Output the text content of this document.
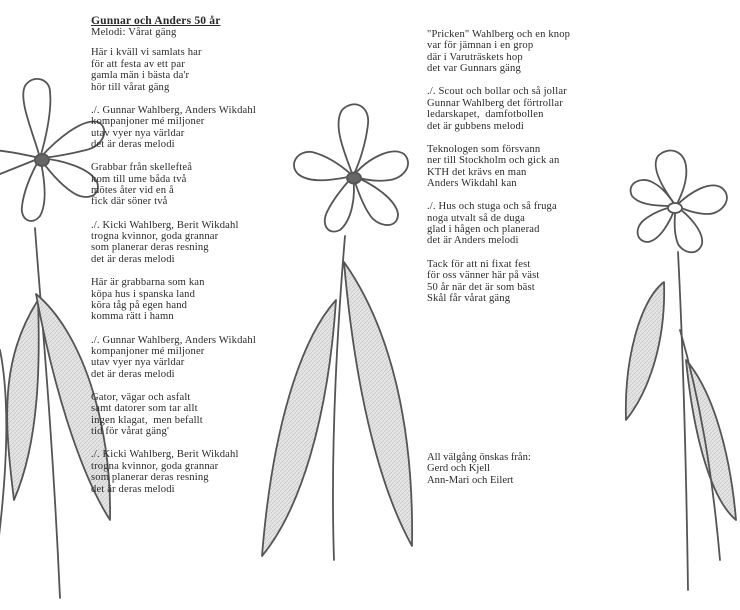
Gunnar och Anders 50 år
Melodi: Vårat gäng
Här i kväll vi samlats har
för att festa av ett par
gamla män i bästa da'r
hör till vårat gäng
./. Gunnar Wahlberg, Anders Wikdahl
kompanjoner mé miljoner
utav vyer nya världar
det är deras melodi
Grabbar från skellefteå
kom till ume båda två
mötes åter vid en å
fick där söner två
./. Kicki Wahlberg, Berit Wikdahl
trogna kvinnor, goda grannar
som planerar deras resning
det är deras melodi
Här är grabbarna som kan
köpa hus i spanska land
köra tåg på egen hand
komma rätt i hamn
./. Gunnar Wahlberg, Anders Wikdahl
kompanjoner mé miljoner
utav vyer nya världar
det är deras melodi
Gator, vägar och asfalt
samt datorer som tar allt
ingen klagat,  men befallt
tid för vårat gäng'
./. Kicki Wahlberg, Berit Wikdahl
trogna kvinnor, goda grannar
som planerar deras resning
det är deras melodi
"Pricken" Wahlberg och en knop
var för jämnan i en grop
där i Varuträskets hop
det var Gunnars gäng
./. Scout och bollar och så jollar
Gunnar Wahlberg det förtrollar
ledarskapet,  damfotbollen
det är gubbens melodi
Teknologen som försvann
ner till Stockholm och gick an
KTH det krävs en man
Anders Wikdahl kan
./. Hus och stuga och så fruga
noga utvalt så de duga
glad i hågen och planerad
det är Anders melodi
Tack för att ni fixat fest
för oss vänner här på väst
50 år när det är som bäst
Skål får vårat gäng
All välgång önskas från:
Gerd och Kjell
Ann-Mari och Eilert
